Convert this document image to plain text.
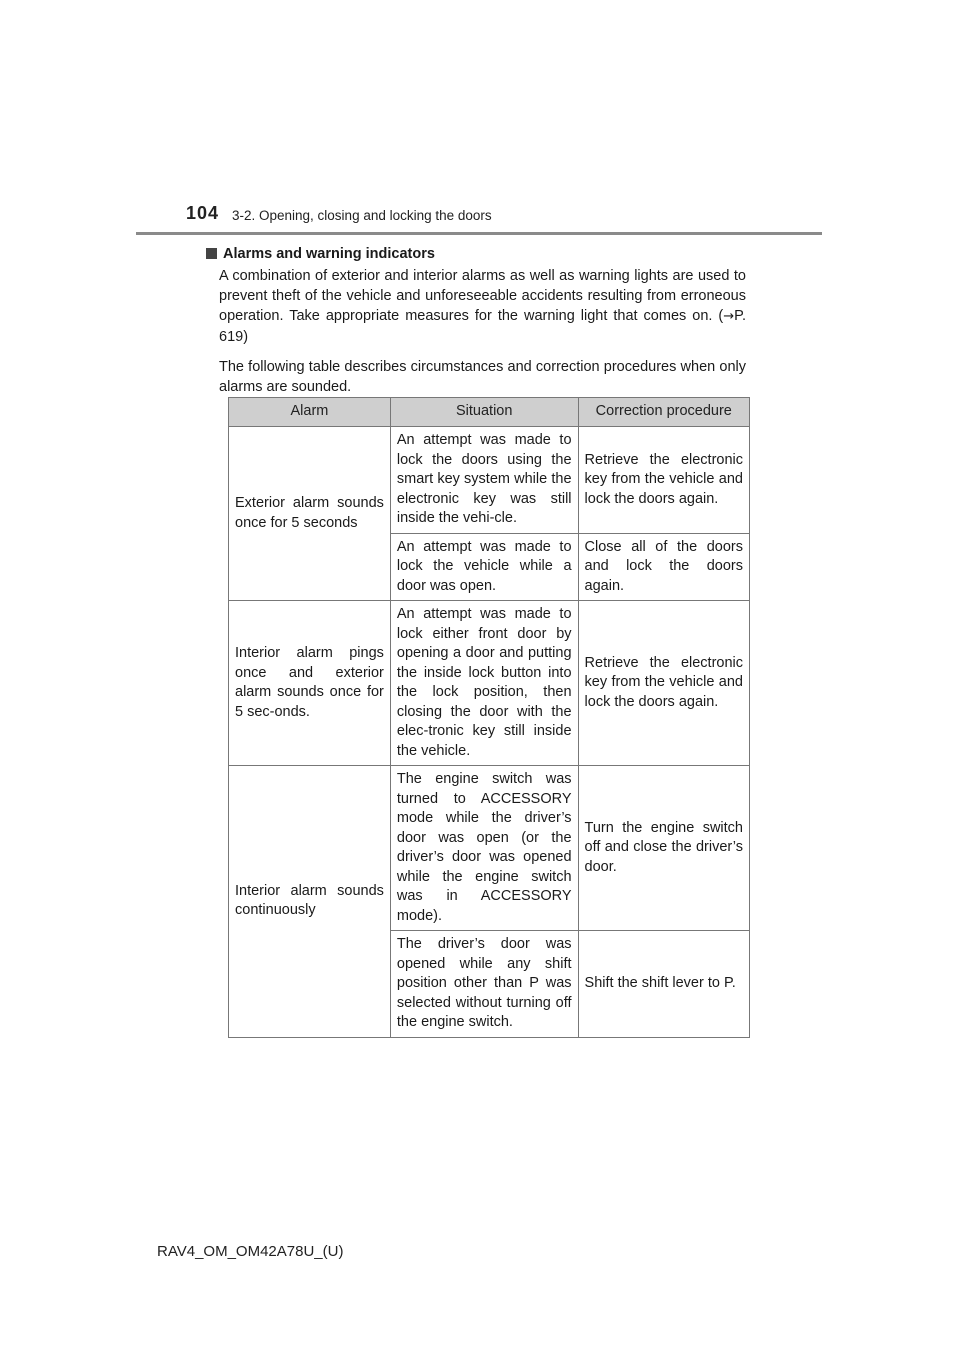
104 3-2. Opening, closing and locking the doors
Alarms and warning indicators

A combination of exterior and interior alarms as well as warning lights are used to prevent theft of the vehicle and unforeseeable accidents resulting from erroneous operation. Take appropriate measures for the warning light that comes on. (→P. 619)

The following table describes circumstances and correction procedures when only alarms are sounded.

Alarm	Situation	Correction procedure
Exterior alarm sounds once for 5 seconds	An attempt was made to lock the doors using the smart key system while the electronic key was still inside the vehi-cle.	Retrieve the electronic key from the vehicle and lock the doors again.
	An attempt was made to lock the vehicle while a door was open.	Close all of the doors and lock the doors again.
Interior alarm pings once and exterior alarm sounds once for 5 sec-onds.	An attempt was made to lock either front door by opening a door and putting the inside lock button into the lock position, then closing the door with the elec-tronic key still inside the vehicle.	Retrieve the electronic key from the vehicle and lock the doors again.
Interior alarm sounds continuously	The engine switch was turned to ACCESSORY mode while the driver’s door was open (or the driver’s door was opened while the engine switch was in ACCESSORY mode).	Turn the engine switch off and close the driver’s door.
	The driver’s door was opened while any shift position other than P was selected without turning off the engine switch.	Shift the shift lever to P.
RAV4_OM_OM42A78U_(U)
